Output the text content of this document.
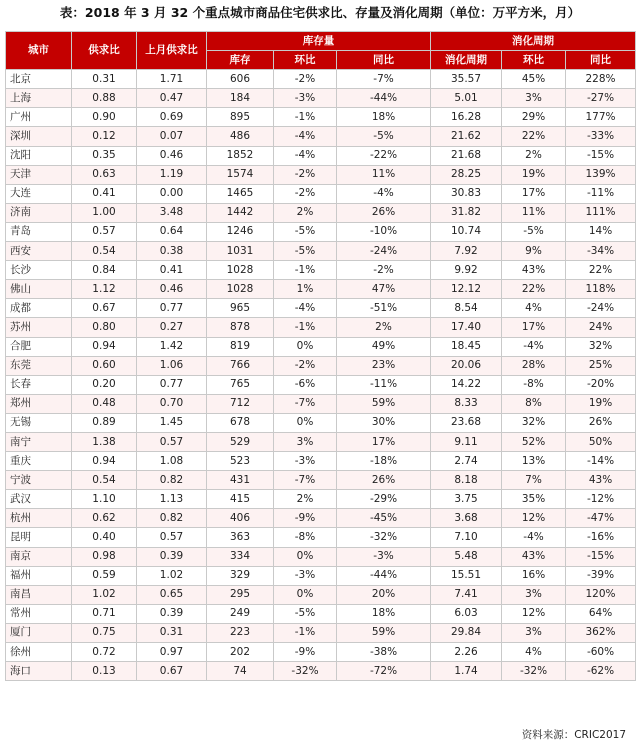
表：2018 年 3 月 32 个重点城市商品住宅供求比、存量及消化周期（单位：万平方米，月）
城市	供求比	上月供求比	库存量			消化周期		
			库存	环比	同比	消化周期	环比	同比
北京	0.31	1.71	606	-2%	-7%	35.57	45%	228%
上海	0.88	0.47	184	-3%	-44%	5.01	3%	-27%
广州	0.90	0.69	895	-1%	18%	16.28	29%	177%
深圳	0.12	0.07	486	-4%	-5%	21.62	22%	-33%
沈阳	0.35	0.46	1852	-4%	-22%	21.68	2%	-15%
天津	0.63	1.19	1574	-2%	11%	28.25	19%	139%
大连	0.41	0.00	1465	-2%	-4%	30.83	17%	-11%
济南	1.00	3.48	1442	2%	26%	31.82	11%	111%
青岛	0.57	0.64	1246	-5%	-10%	10.74	-5%	14%
西安	0.54	0.38	1031	-5%	-24%	7.92	9%	-34%
长沙	0.84	0.41	1028	-1%	-2%	9.92	43%	22%
佛山	1.12	0.46	1028	1%	47%	12.12	22%	118%
成都	0.67	0.77	965	-4%	-51%	8.54	4%	-24%
苏州	0.80	0.27	878	-1%	2%	17.40	17%	24%
合肥	0.94	1.42	819	0%	49%	18.45	-4%	32%
东莞	0.60	1.06	766	-2%	23%	20.06	28%	25%
长春	0.20	0.77	765	-6%	-11%	14.22	-8%	-20%
郑州	0.48	0.70	712	-7%	59%	8.33	8%	19%
无锡	0.89	1.45	678	0%	30%	23.68	32%	26%
南宁	1.38	0.57	529	3%	17%	9.11	52%	50%
重庆	0.94	1.08	523	-3%	-18%	2.74	13%	-14%
宁波	0.54	0.82	431	-7%	26%	8.18	7%	43%
武汉	1.10	1.13	415	2%	-29%	3.75	35%	-12%
杭州	0.62	0.82	406	-9%	-45%	3.68	12%	-47%
昆明	0.40	0.57	363	-8%	-32%	7.10	-4%	-16%
南京	0.98	0.39	334	0%	-3%	5.48	43%	-15%
福州	0.59	1.02	329	-3%	-44%	15.51	16%	-39%
南昌	1.02	0.65	295	0%	20%	7.41	3%	120%
常州	0.71	0.39	249	-5%	18%	6.03	12%	64%
厦门	0.75	0.31	223	-1%	59%	29.84	3%	362%
徐州	0.72	0.97	202	-9%	-38%	2.26	4%	-60%
海口	0.13	0.67	74	-32%	-72%	1.74	-32%	-62%
资料来源：CRIC2017
